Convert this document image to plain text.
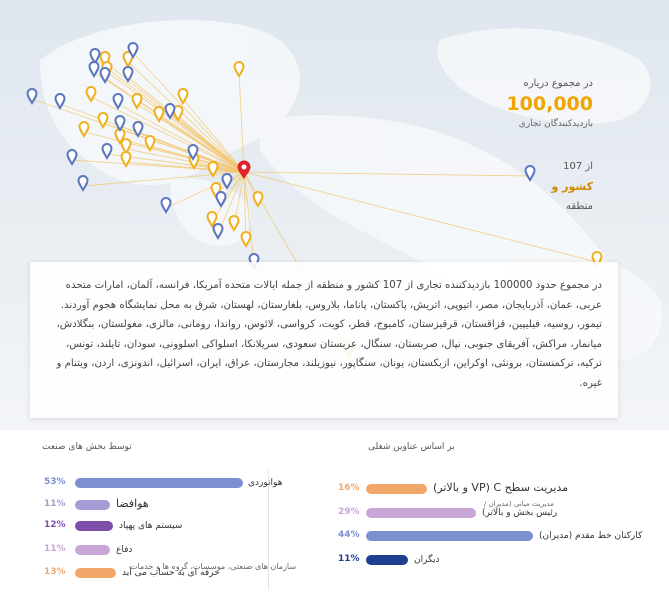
در مجموع دریاره
100,000
بازدیدکنندگان تجاری
از 107
کشور و
منطقه

در مجموع حدود 100000 بازدیدکننده تجاری از 107 کشور و منطقه از جمله ایالات متحده آمریکا، فرانسه، آلمان، امارات متحده عربی، عمان، آذربایجان، مصر، اتیوپی، اتریش، پاکستان، پاناما، بلاروس، بلغارستان، لهستان، شرق به محل نمایشگاه هجوم آوردند. تیمور، روسیه، فیلیپین، قزاقستان، قرقیزستان، کامبوج، قطر، کویت، کرواسی، لائوس، رواندا، رومانی، مالزی، مغولستان، بنگلادش، میانمار، مراکش، آفریقای جنوبی، نپال، صربستان، سنگال، عربستان سعودی، سریلانکا، اسلواکی اسلوونی، سودان، تایلند، تونس، ترکیه، ترکمنستان، برونئی، اوکراین، ازبکستان، یونان، سنگاپور، نیوزیلند، مجارستان، عراق، ایران، اسرائیل، اندونزی، اردن، ویتنام و غیره.

توسط بخش های صنعت
53%	هوانوردی
11%	هوافضا
12%	سیستم های پهپاد
11%	دفاع
13%	حرفه ای به حساب می آید
سازمان های صنعتی، موسسات، گروه ها و خدمات
بر اساس عناوین شغلی
16%	مدیریت سطح C (VP و بالاتر)
29%	رئیس بخش و بالاتر)
44%	کارکنان خط مقدم (مدیران)
11%	دیگران
مدیریت میانی (مدیران /
